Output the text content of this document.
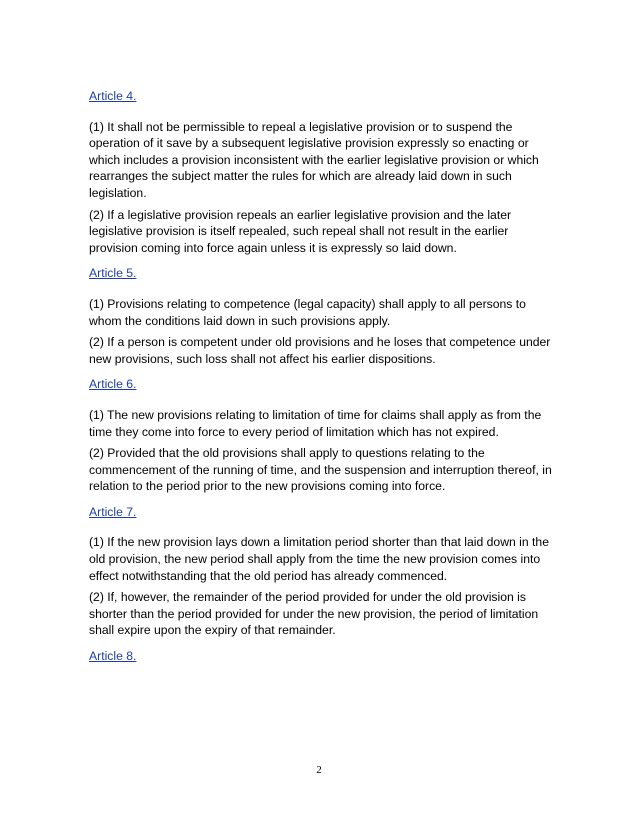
Article 4.

(1) It shall not be permissible to repeal a legislative provision or to suspend the operation of it save by a subsequent legislative provision expressly so enacting or which includes a provision inconsistent with the earlier legislative provision or which rearranges the subject matter the rules for which are already laid down in such legislation.

(2) If a legislative provision repeals an earlier legislative provision and the later legislative provision is itself repealed, such repeal shall not result in the earlier provision coming into force again unless it is expressly so laid down.

Article 5.

(1) Provisions relating to competence (legal capacity) shall apply to all persons to whom the conditions laid down in such provisions apply.

(2) If a person is competent under old provisions and he loses that competence under new provisions, such loss shall not affect his earlier dispositions.

Article 6.

(1) The new provisions relating to limitation of time for claims shall apply as from the time they come into force to every period of limitation which has not expired.

(2) Provided that the old provisions shall apply to questions relating to the commencement of the running of time, and the suspension and interruption thereof, in relation to the period prior to the new provisions coming into force.

Article 7.

(1) If the new provision lays down a limitation period shorter than that laid down in the old provision, the new period shall apply from the time the new provision comes into effect notwithstanding that the old period has already commenced.

(2) If, however, the remainder of the period provided for under the old provision is shorter than the period provided for under the new provision, the period of limitation shall expire upon the expiry of that remainder.

Article 8.
2
